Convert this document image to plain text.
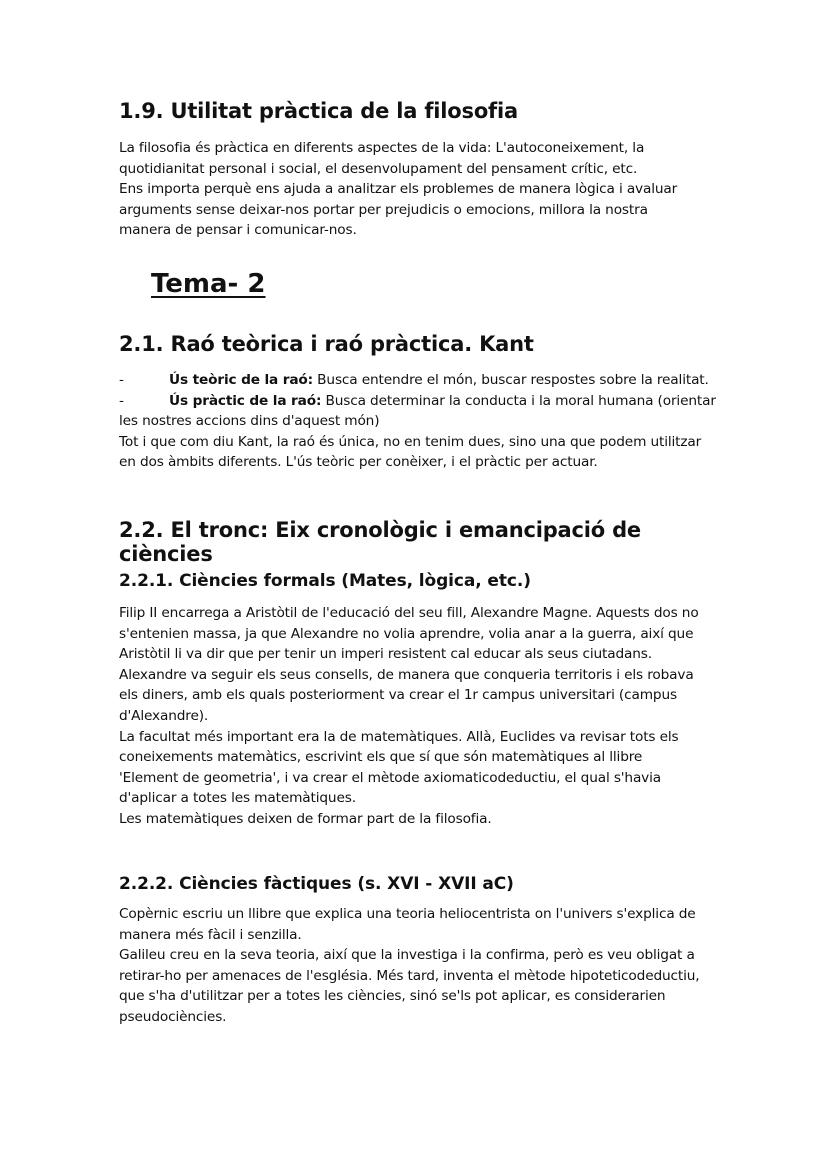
1.9. Utilitat pràctica de la filosofia
La filosofia és pràctica en diferents aspectes de la vida: L'autoconeixement, la
quotidianitat personal i social, el desenvolupament del pensament crític, etc.
Ens importa perquè ens ajuda a analitzar els problemes de manera lògica i avaluar
arguments sense deixar-nos portar per prejudicis o emocions, millora la nostra
manera de pensar i comunicar-nos.
Tema- 2
2.1. Raó teòrica i raó pràctica. Kant
-	Ús teòric de la raó: Busca entendre el món, buscar respostes sobre la realitat.
-	Ús pràctic de la raó: Busca determinar la conducta i la moral humana (orientar
les nostres accions dins d'aquest món)
Tot i que com diu Kant, la raó és única, no en tenim dues, sino una que podem utilitzar
en dos àmbits diferents. L'ús teòric per conèixer, i el pràctic per actuar.
2.2. El tronc: Eix cronològic i emancipació de ciències
2.2.1. Ciències formals (Mates, lògica, etc.)
Filip II encarrega a Aristòtil de l'educació del seu fill, Alexandre Magne. Aquests dos no
s'entenien massa, ja que Alexandre no volia aprendre, volia anar a la guerra, així que
Aristòtil li va dir que per tenir un imperi resistent cal educar als seus ciutadans.
Alexandre va seguir els seus consells, de manera que conqueria territoris i els robava
els diners, amb els quals posteriorment va crear el 1r campus universitari (campus
d'Alexandre).
La facultat més important era la de matemàtiques. Allà, Euclides va revisar tots els
coneixements matemàtics, escrivint els que sí que són matemàtiques al llibre
'Element de geometria', i va crear el mètode axiomaticodeductiu, el qual s'havia
d'aplicar a totes les matemàtiques.
Les matemàtiques deixen de formar part de la filosofia.
2.2.2. Ciències fàctiques (s. XVI - XVII aC)
Copèrnic escriu un llibre que explica una teoria heliocentrista on l'univers s'explica de
manera més fàcil i senzilla.
Galileu creu en la seva teoria, així que la investiga i la confirma, però es veu obligat a
retirar-ho per amenaces de l'església. Més tard, inventa el mètode hipoteticodeductiu,
que s'ha d'utilitzar per a totes les ciències, sinó se'ls pot aplicar, es considerarien
pseudociències.
